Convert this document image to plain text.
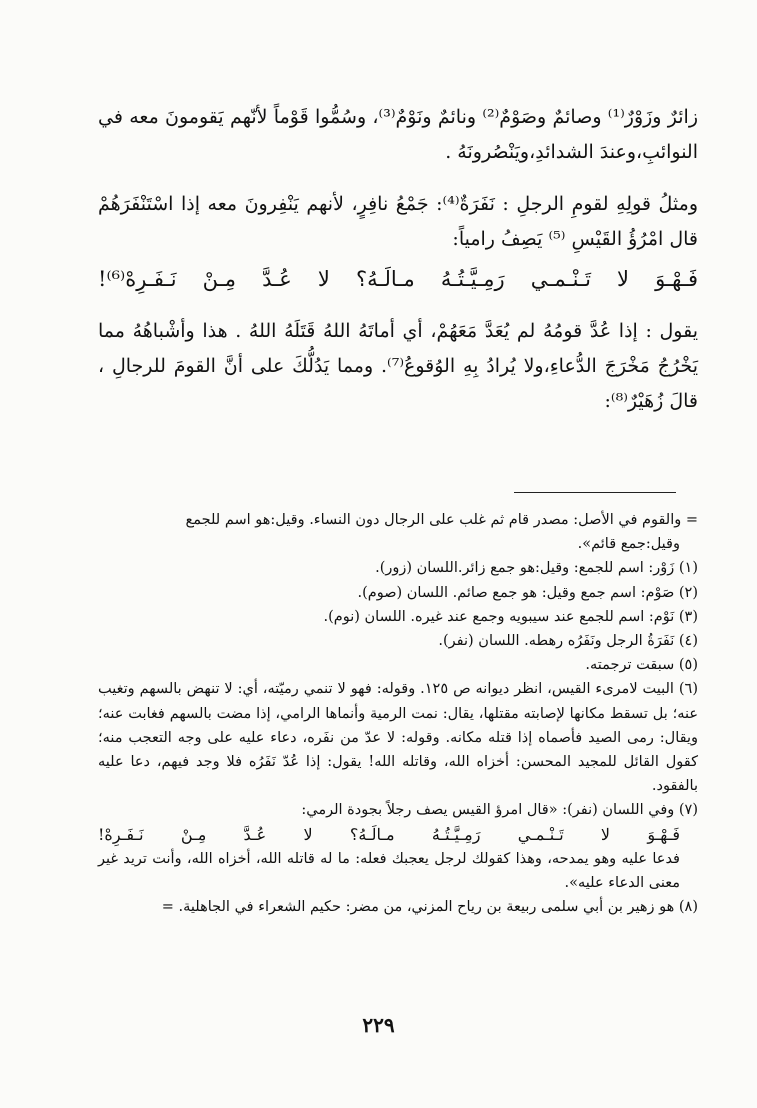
زائرٌ وزَوْرٌ⁽¹⁾ وصائمٌ وصَوْمٌ⁽²⁾ ونائمٌ ونَوْمٌ⁽³⁾، وسُمُّوا قَوْماً لأنّهم يَقومونَ معه في النوائبِ،وعندَ الشدائدِ،ويَنْصُرونَهُ .

ومثلُ قولِهِ لقومِ الرجلِ : نَفَرَةٌ⁽⁴⁾: جَمْعُ نافِرٍ، لأنهم يَنْفِرونَ معه إذا اسْتَنْفَرَهُمْ قال امْرُؤُ القَيْسِ ⁽⁵⁾ يَصِفُ رامياً:

فَـهْـوَ لا تَـنْـمـي رَمِـيَّـتُـهُ مـالَـهُ؟ لا عُـدَّ مِـنْ نَـفَـرِهْ⁽⁶⁾!

يقول : إذا عُدَّ قومُهُ لم يُعَدَّ مَعَهُمْ، أي أماتَهُ اللهُ قَتَلَهُ اللهُ . هذا وأشْباهُهُ مما يَخْرُجُ مَخْرَجَ الدُّعاءِ،ولا يُرادُ بِهِ الوُقوعُ⁽⁷⁾. ومما يَدُلُّكَ على أنَّ القومَ للرجالِ ، قالَ زُهَيْرٌ⁽⁸⁾:

= والقوم في الأصل: مصدر قام ثم غلب على الرجال دون النساء. وقيل:هو اسم للجمع

وقيل:جمع قائم».

(١) زَوْر: اسم للجمع: وقيل:هو جمع زائر.اللسان (زور).

(٢) صَوْم: اسم جمع وقيل: هو جمع صائم. اللسان (صوم).

(٣) نَوْم: اسم للجمع عند سيبويه وجمع عند غيره. اللسان (نوم).

(٤) نَفَرَةُ الرجل ونَفَرُه رهطه. اللسان (نفر).

(٥) سبقت ترجمته.

(٦) البيت لامرىء القيس، انظر ديوانه ص ١٢٥. وقوله: فهو لا تنمي رميّته، أي: لا تنهض بالسهم وتغيب عنه؛ بل تسقط مكانها لإصابته مقتلها، يقال: نمت الرمية وأنماها الرامي، إذا مضت بالسهم فغابت عنه؛ ويقال: رمى الصيد فأصماه إذا قتله مكانه. وقوله: لا عدّ من نفَره، دعاء عليه على وجه التعجب منه؛ كقول القائل للمجيد المحسن: أخزاه الله، وقاتله الله! يقول: إذا عُدّ نَفَرُه فلا وجد فيهم، دعا عليه بالفقود.

(٧) وفي اللسان (نفر): «قال امرؤ القيس يصف رجلاً بجودة الرمي:

فَـهْـوَ لا تَـنْـمـي رَمِـيَّـتُـهُ مـالَـهُ؟ لا عُـدَّ مِـنْ نَـفَـرِهْ!

فدعا عليه وهو يمدحه، وهذا كقولك لرجل يعجبك فعله: ما له قاتله الله، أخزاه الله، وأنت تريد غير معنى الدعاء عليه».

(٨) هو زهير بن أبي سلمى ربيعة بن رياح المزني، من مضر: حكيم الشعراء في الجاهلية. =

٢٢٩
